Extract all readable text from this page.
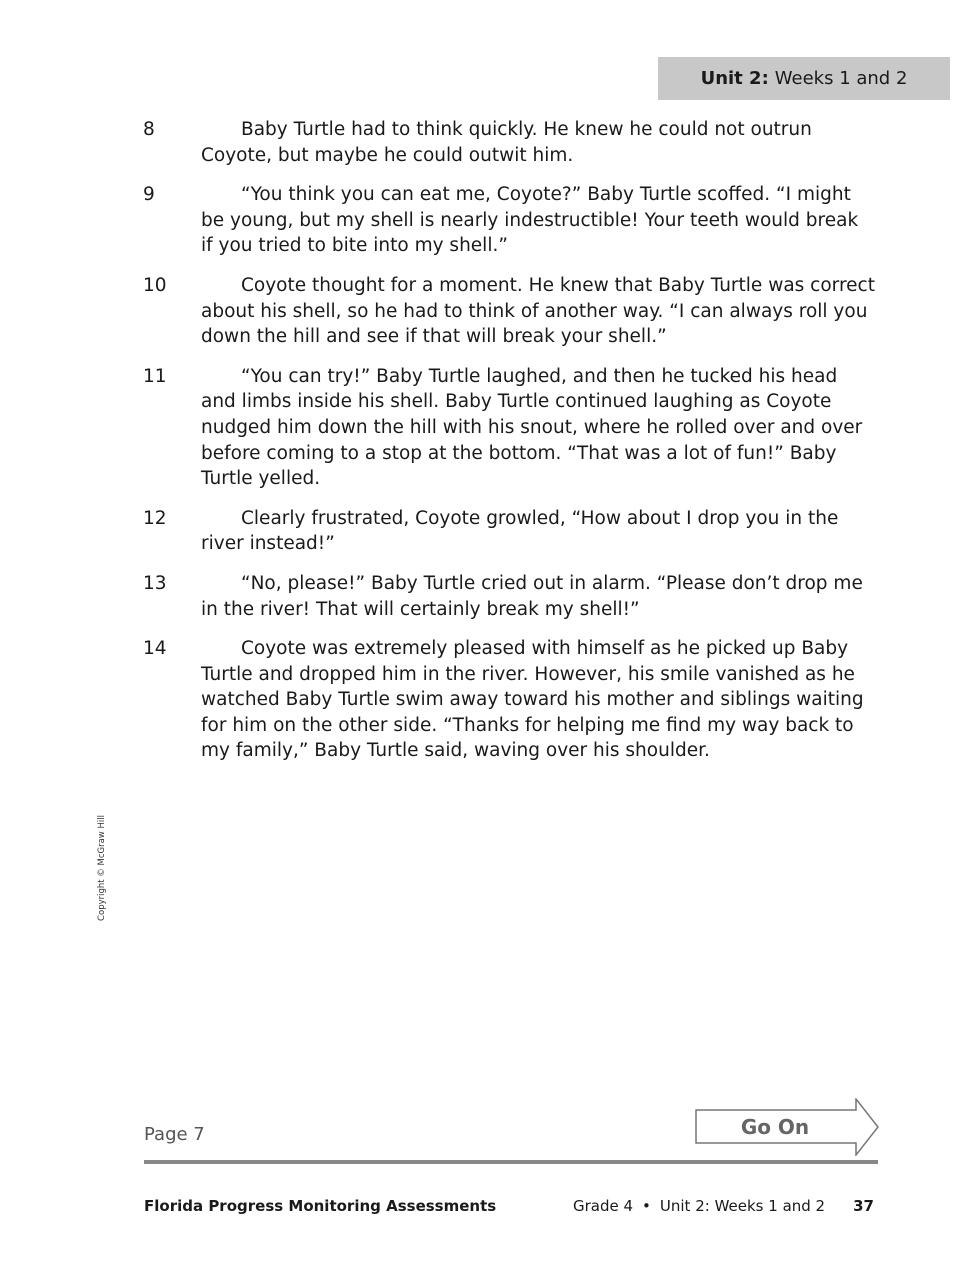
Unit 2: Weeks 1 and 2
8	Baby Turtle had to think quickly. He knew he could not outrun Coyote, but maybe he could outwit him.
9	“You think you can eat me, Coyote?” Baby Turtle scoffed. “I might be young, but my shell is nearly indestructible! Your teeth would break if you tried to bite into my shell.”
10	Coyote thought for a moment. He knew that Baby Turtle was correct about his shell, so he had to think of another way. “I can always roll you down the hill and see if that will break your shell.”
11	“You can try!” Baby Turtle laughed, and then he tucked his head and limbs inside his shell. Baby Turtle continued laughing as Coyote nudged him down the hill with his snout, where he rolled over and over before coming to a stop at the bottom. “That was a lot of fun!” Baby Turtle yelled.
12	Clearly frustrated, Coyote growled, “How about I drop you in the river instead!”
13	“No, please!” Baby Turtle cried out in alarm. “Please don’t drop me in the river! That will certainly break my shell!”
14	Coyote was extremely pleased with himself as he picked up Baby Turtle and dropped him in the river. However, his smile vanished as he watched Baby Turtle swim away toward his mother and siblings waiting for him on the other side. “Thanks for helping me find my way back to my family,” Baby Turtle said, waving over his shoulder.
Copyright © McGraw Hill
Page 7	Go On
Florida Progress Monitoring Assessments	Grade 4 • Unit 2: Weeks 1 and 2 37
